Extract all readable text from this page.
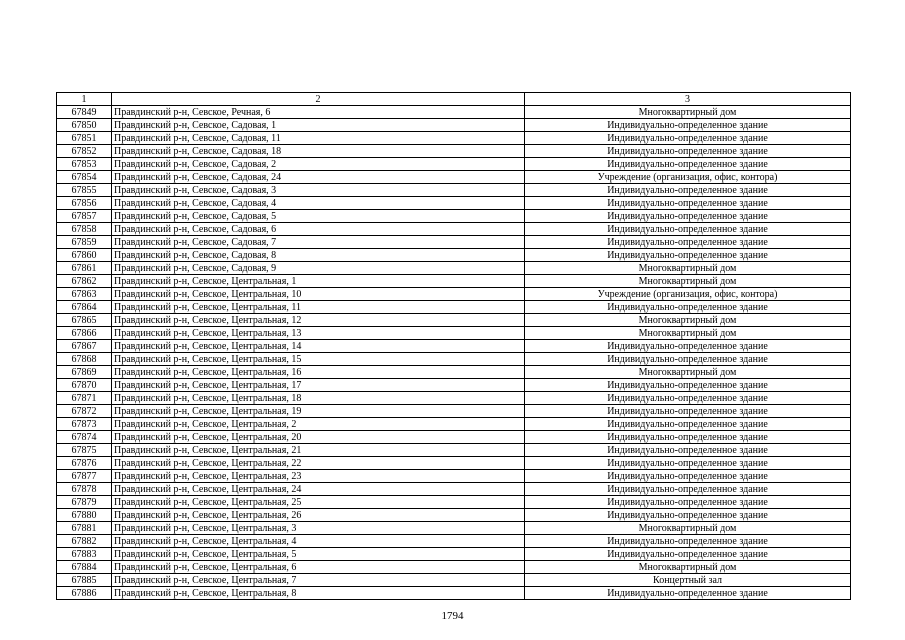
1	2	3
67849	Правдинский р-н, Севское, Речная, 6	Многоквартирный дом
67850	Правдинский р-н, Севское, Садовая, 1	Индивидуально-определенное здание
67851	Правдинский р-н, Севское, Садовая, 11	Индивидуально-определенное здание
67852	Правдинский р-н, Севское, Садовая, 18	Индивидуально-определенное здание
67853	Правдинский р-н, Севское, Садовая, 2	Индивидуально-определенное здание
67854	Правдинский р-н, Севское, Садовая, 24	Учреждение (организация, офис, контора)
67855	Правдинский р-н, Севское, Садовая, 3	Индивидуально-определенное здание
67856	Правдинский р-н, Севское, Садовая, 4	Индивидуально-определенное здание
67857	Правдинский р-н, Севское, Садовая, 5	Индивидуально-определенное здание
67858	Правдинский р-н, Севское, Садовая, 6	Индивидуально-определенное здание
67859	Правдинский р-н, Севское, Садовая, 7	Индивидуально-определенное здание
67860	Правдинский р-н, Севское, Садовая, 8	Индивидуально-определенное здание
67861	Правдинский р-н, Севское, Садовая, 9	Многоквартирный дом
67862	Правдинский р-н, Севское, Центральная, 1	Многоквартирный дом
67863	Правдинский р-н, Севское, Центральная, 10	Учреждение (организация, офис, контора)
67864	Правдинский р-н, Севское, Центральная, 11	Индивидуально-определенное здание
67865	Правдинский р-н, Севское, Центральная, 12	Многоквартирный дом
67866	Правдинский р-н, Севское, Центральная, 13	Многоквартирный дом
67867	Правдинский р-н, Севское, Центральная, 14	Индивидуально-определенное здание
67868	Правдинский р-н, Севское, Центральная, 15	Индивидуально-определенное здание
67869	Правдинский р-н, Севское, Центральная, 16	Многоквартирный дом
67870	Правдинский р-н, Севское, Центральная, 17	Индивидуально-определенное здание
67871	Правдинский р-н, Севское, Центральная, 18	Индивидуально-определенное здание
67872	Правдинский р-н, Севское, Центральная, 19	Индивидуально-определенное здание
67873	Правдинский р-н, Севское, Центральная, 2	Индивидуально-определенное здание
67874	Правдинский р-н, Севское, Центральная, 20	Индивидуально-определенное здание
67875	Правдинский р-н, Севское, Центральная, 21	Индивидуально-определенное здание
67876	Правдинский р-н, Севское, Центральная, 22	Индивидуально-определенное здание
67877	Правдинский р-н, Севское, Центральная, 23	Индивидуально-определенное здание
67878	Правдинский р-н, Севское, Центральная, 24	Индивидуально-определенное здание
67879	Правдинский р-н, Севское, Центральная, 25	Индивидуально-определенное здание
67880	Правдинский р-н, Севское, Центральная, 26	Индивидуально-определенное здание
67881	Правдинский р-н, Севское, Центральная, 3	Многоквартирный дом
67882	Правдинский р-н, Севское, Центральная, 4	Индивидуально-определенное здание
67883	Правдинский р-н, Севское, Центральная, 5	Индивидуально-определенное здание
67884	Правдинский р-н, Севское, Центральная, 6	Многоквартирный дом
67885	Правдинский р-н, Севское, Центральная, 7	Концертный зал
67886	Правдинский р-н, Севское, Центральная, 8	Индивидуально-определенное здание
1794
